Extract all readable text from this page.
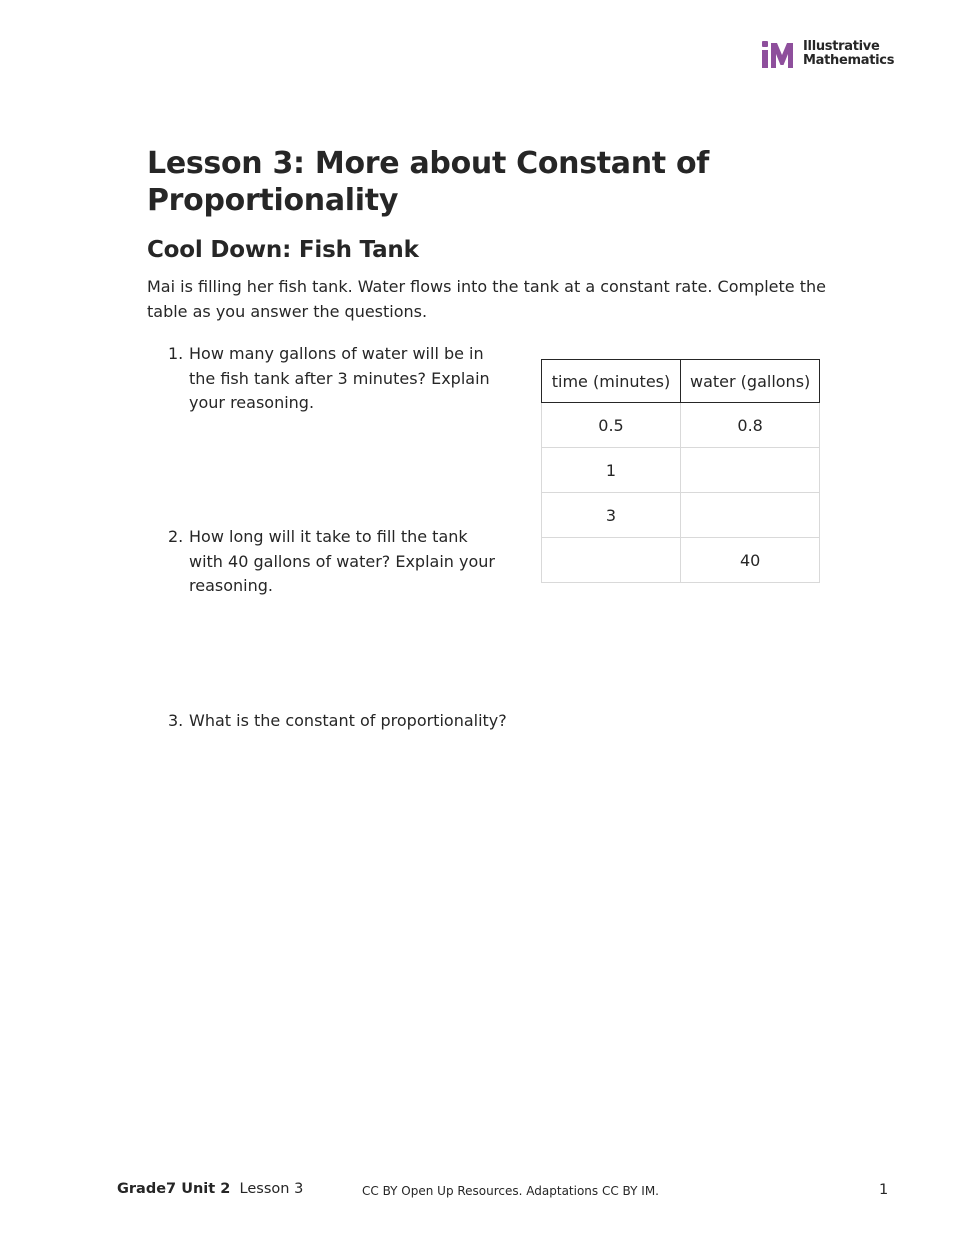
Illustrative
Mathematics
Lesson 3: More about Constant of Proportionality
Cool Down: Fish Tank

Mai is filling her fish tank. Water flows into the tank at a constant rate. Complete the table as you answer the questions.

1. How many gallons of water will be in the fish tank after 3 minutes? Explain your reasoning.
2. How long will it take to fill the tank with 40 gallons of water? Explain your reasoning.
3. What is the constant of proportionality?
time (minutes)	water (gallons)
0.5	0.8
1	
3	
	40
Grade7 Unit 2 Lesson 3	CC BY Open Up Resources. Adaptations CC BY IM.	1
